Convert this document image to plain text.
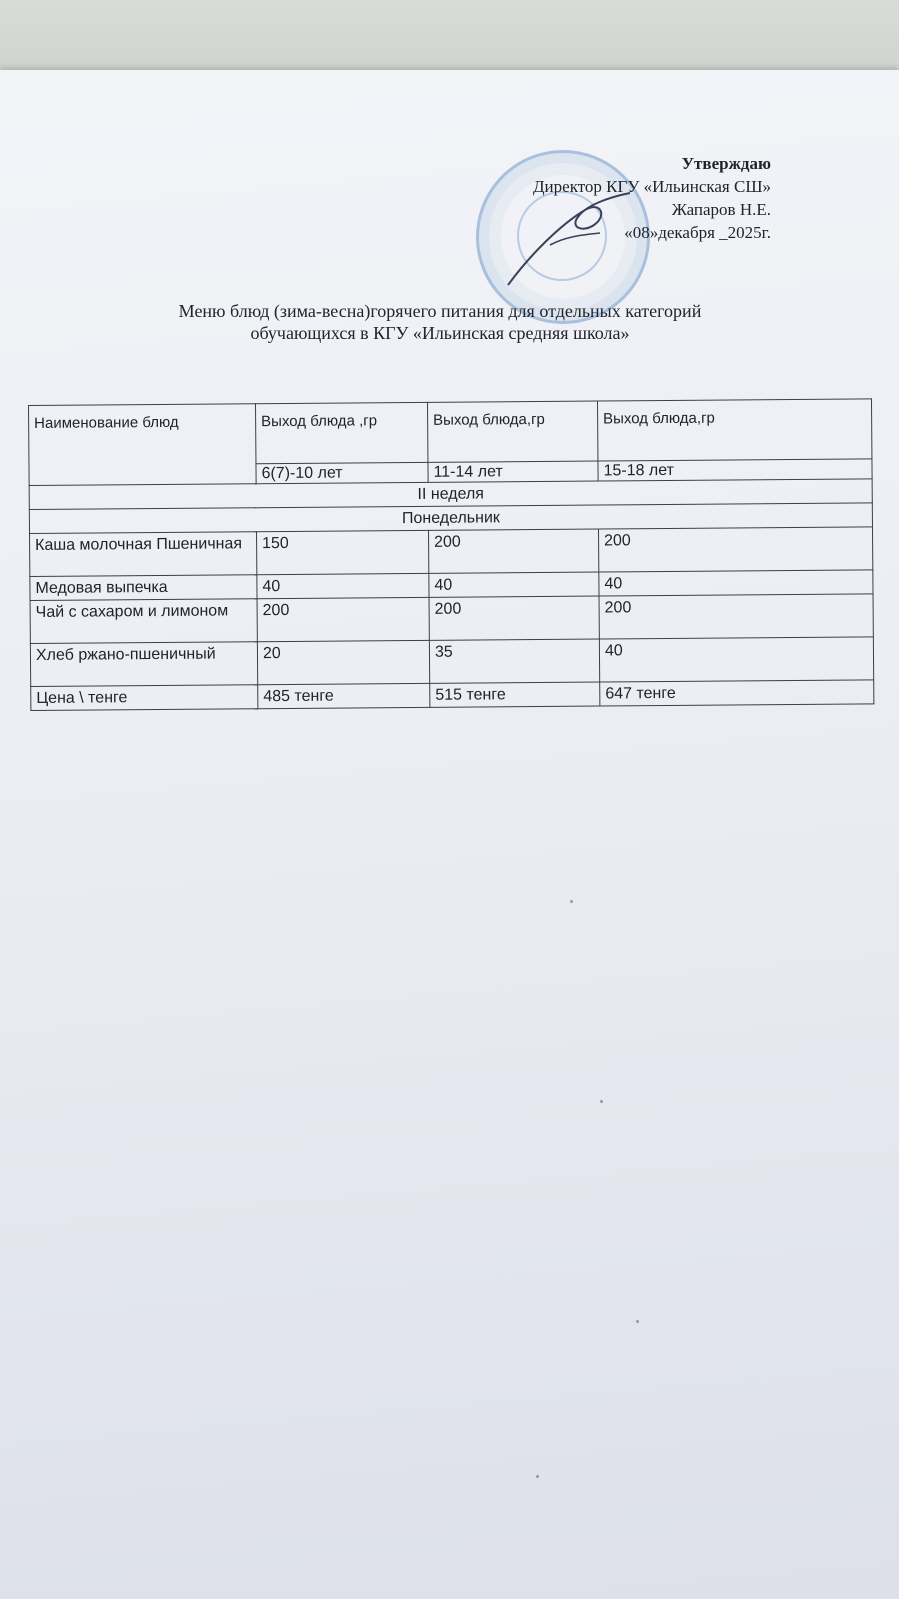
Утверждаю
Директор КГУ «Ильинская СШ»
Жапаров Н.Е.
«08»декабря _2025г.
Меню блюд (зима-весна)горячего питания для отдельных категорий
обучающихся в КГУ «Ильинская средняя школа»
Наименование блюд	Выход блюда ,гр	Выход блюда,гр	Выход блюда,гр
	6(7)-10 лет	11-14 лет	15-18 лет
II неделя			
Понедельник			
Каша молочная Пшеничная	150	200	200
Медовая выпечка	40	40	40
Чай с сахаром и лимоном	200	200	200
Хлеб ржано-пшеничный	20	35	40
Цена \ тенге	485 тенге	515 тенге	647 тенге
